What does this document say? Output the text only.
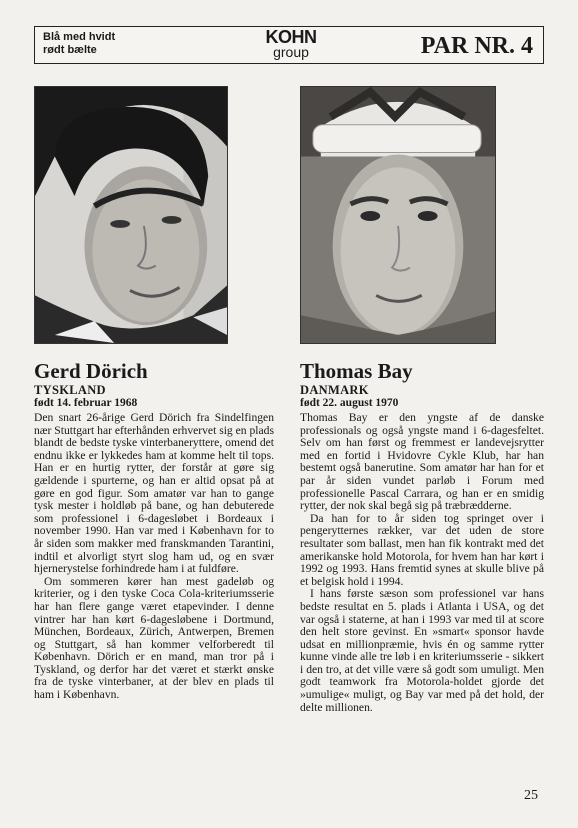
Blå med hvidt
rødt bælte
KOHN
group	PAR NR. 4
Gerd Dörich
TYSKLAND
født 14. februar 1968

Den snart 26-årige Gerd Dörich fra Sindelfingen nær Stuttgart har efterhånden erhvervet sig en plads blandt de bedste tyske vinterbaneryttere, omend det endnu ikke er lykkedes ham at komme helt til tops. Han er en hurtig rytter, der forstår at gøre sig gældende i spurterne, og han er altid opsat på at gøre en god figur. Som amatør var han to gange tysk mester i holdløb på bane, og han debuterede som professionel i 6-dagesløbet i Bordeaux i november 1990. Han var med i København for to år siden som makker med franskmanden Tarantini, indtil et alvorligt styrt slog ham ud, og en svær hjernerystelse forhindrede ham i at fuldføre.

Om sommeren kører han mest gadeløb og kriterier, og i den tyske Coca Cola-kriteriumsserie har han flere gange været etapevinder. I denne vintrer har han kørt 6-dagesløbene i Dortmund, München, Bordeaux, Zürich, Antwerpen, Bremen og Stuttgart, så han kommer velforberedt til København. Dörich er en mand, man tror på i Tyskland, og derfor har det været et stærkt ønske fra de tyske vinterbaner, at der blev en plads til ham i København.

Thomas Bay
DANMARK
født 22. august 1970

Thomas Bay er den yngste af de danske professionals og også yngste mand i 6-dagesfeltet. Selv om han først og fremmest er landevejsrytter med en fortid i Hvidovre Cykle Klub, har han bestemt også banerutine. Som amatør har han for et par år siden vundet parløb i Forum med professionelle Pascal Carrara, og han er en smidig rytter, der nok skal begå sig på træbrædderne.

Da han for to år siden tog springet over i pengerytternes rækker, var det uden de store resultater som ballast, men han fik kontrakt med det amerikanske hold Motorola, for hvem han har kørt i 1992 og 1993. Hans fremtid synes at skulle blive på et belgisk hold i 1994.

I hans første sæson som professionel var hans bedste resultat en 5. plads i Atlanta i USA, og det var også i staterne, at han i 1993 var med til at score den helt store gevinst. En »smart« sponsor havde udsat en millionpræmie, hvis én og samme rytter kunne vinde alle tre løb i en kriteriumsserie - sikkert i den tro, at det ville være så godt som umuligt. Men godt teamwork fra Motorola-holdet gjorde det »umulige« muligt, og Bay var med på det hold, der delte millionen.

25
